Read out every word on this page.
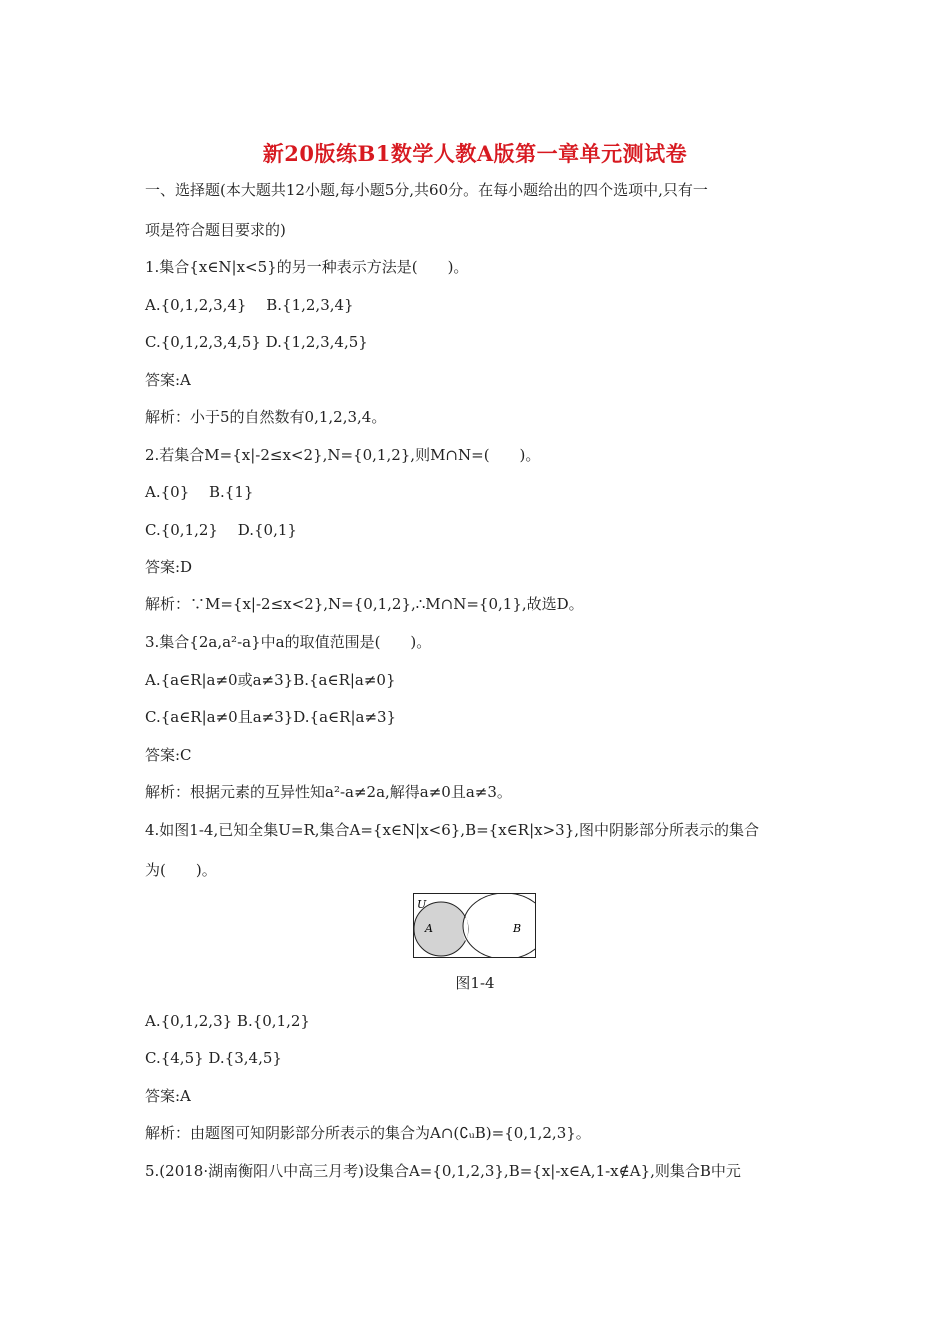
新20版练B1数学人教A版第一章单元测试卷
一、选择题(本大题共12小题,每小题5分,共60分。在每小题给出的四个选项中,只有一
项是符合题目要求的)
1.集合{x∈N|x<5}的另一种表示方法是(　　)。
A.{0,1,2,3,4}　 B.{1,2,3,4}
C.{0,1,2,3,4,5} D.{1,2,3,4,5}
答案:A
解析：小于5的自然数有0,1,2,3,4。
2.若集合M={x|-2≤x<2},N={0,1,2},则M∩N=(　　)。
A.{0}　 B.{1}
C.{0,1,2}　 D.{0,1}
答案:D
解析：∵M={x|-2≤x<2},N={0,1,2},∴M∩N={0,1},故选D。
3.集合{2a,a²-a}中a的取值范围是(　　)。
A.{a∈R|a≠0或a≠3}B.{a∈R|a≠0}
C.{a∈R|a≠0且a≠3}D.{a∈R|a≠3}
答案:C
解析：根据元素的互异性知a²-a≠2a,解得a≠0且a≠3。
4.如图1-4,已知全集U=R,集合A={x∈N|x<6},B={x∈R|x>3},图中阴影部分所表示的集合
为(　　)。
U
A	B
图1-4
A.{0,1,2,3} B.{0,1,2}
C.{4,5} D.{3,4,5}
答案:A
解析：由题图可知阴影部分所表示的集合为A∩(∁ᵤB)={0,1,2,3}。
5.(2018·湖南衡阳八中高三月考)设集合A={0,1,2,3},B={x|-x∈A,1-x∉A},则集合B中元
